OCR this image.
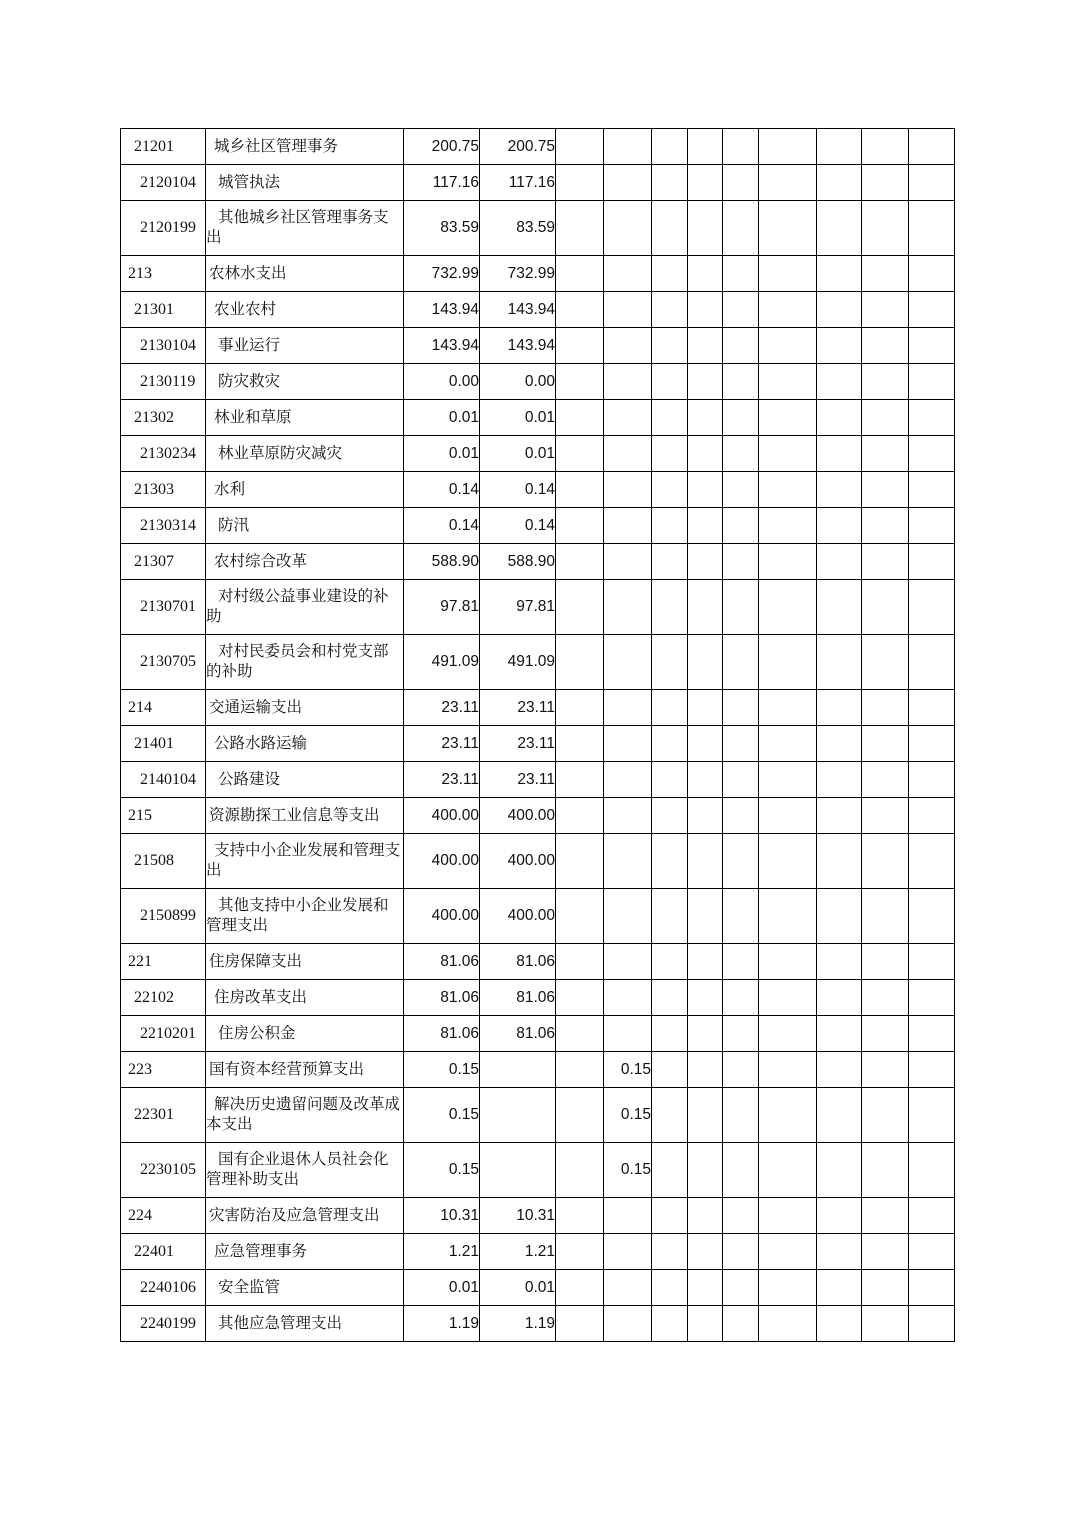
21201	城乡社区管理事务	200.75	200.75									
2120104	城管执法	117.16	117.16									
2120199	其他城乡社区管理事务支出	83.59	83.59									
213	农林水支出	732.99	732.99									
21301	农业农村	143.94	143.94									
2130104	事业运行	143.94	143.94									
2130119	防灾救灾	0.00	0.00									
21302	林业和草原	0.01	0.01									
2130234	林业草原防灾减灾	0.01	0.01									
21303	水利	0.14	0.14									
2130314	防汛	0.14	0.14									
21307	农村综合改革	588.90	588.90									
2130701	对村级公益事业建设的补助	97.81	97.81									
2130705	对村民委员会和村党支部的补助	491.09	491.09									
214	交通运输支出	23.11	23.11									
21401	公路水路运输	23.11	23.11									
2140104	公路建设	23.11	23.11									
215	资源勘探工业信息等支出	400.00	400.00									
21508	支持中小企业发展和管理支出	400.00	400.00									
2150899	其他支持中小企业发展和管理支出	400.00	400.00									
221	住房保障支出	81.06	81.06									
22102	住房改革支出	81.06	81.06									
2210201	住房公积金	81.06	81.06									
223	国有资本经营预算支出	0.15			0.15							
22301	解决历史遗留问题及改革成本支出	0.15			0.15							
2230105	国有企业退休人员社会化管理补助支出	0.15			0.15							
224	灾害防治及应急管理支出	10.31	10.31									
22401	应急管理事务	1.21	1.21									
2240106	安全监管	0.01	0.01									
2240199	其他应急管理支出	1.19	1.19									
